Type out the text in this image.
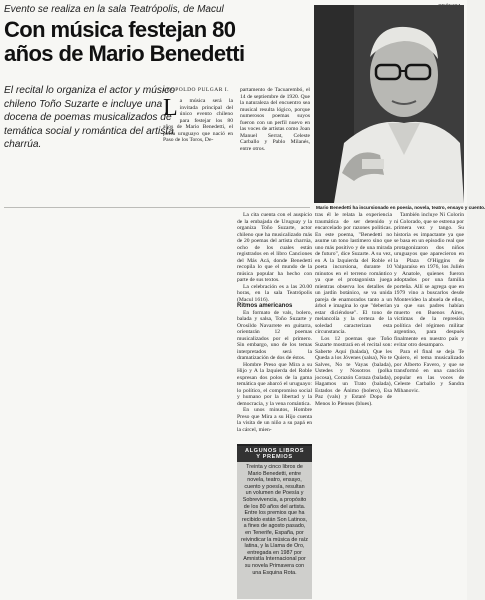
Evento se realiza en la sala Teatrópolis, de Macul
Con música festejan 80
años de Mario Benedetti
Mario Benedetti ha incursionado en poesía, novela, teatro, ensayo y cuento.
El recital lo organiza el actor y músico
chileno Toño Suzarte e incluye una
docena de poemas musicalizados de
temática social y romántica del artista
charrúa.
LEOPOLDO PULGAR I.
L a música será la invitada principal del único evento chileno para festejar los 80 años de Mario Benedetti, el poeta uruguayo que nació en Paso de los Toros, De-

partamento de Tacuarembó, el 14 de septiembre de 1920. Que la naturaleza del encuentro sea musical resulta lógico, porque numerosos poemas suyos fueron con un perfil nuevo en las voces de artistas como Joan Manuel Serrat, Celeste Carballo y Pablo Milanés, entre otros.

La cita cuenta con el auspicio de la embajada de Uruguay y la organiza Toño Suzarte, actor chileno que ha musicalizado más de 20 poemas del artista charrúa, ocho de los cuales están registrados en el libro Canciones del Más Acá, donde Benedetti recopila lo que el mundo de la música popular ha hecho con parte de sus textos.

La celebración es a las 20.00 horas, en la sala Teatrópolis (Macul 1616).

Ritmos americanos

En formato de vals, bolero, balada y salsa, Toño Suzarte y Orosildo Navarrete en guitarra, orientarán 12 poemas musicalizados por el primero. Sin embargo, uno de los temas interpretados será la dramatización de dos de éstos.

Hombre Preso que Mira a su Hijo y A la Izquierda del Roble expresan dos polos de la gama temática que abarcó el uruguayo: lo político, el compromiso social y humano por la libertad y la democracia, y la vena romántica.

En unos minutos, Hombre Preso que Mira a su Hijo cuenta la visita de un niño a su papá en la cárcel, mien-

ALGUNOS LIBROS
Y PREMIOS
Treinta y cinco libros de Mario Benedetti, entre novela, teatro, ensayo, cuento y poesía, resultan un volumen de Poesía y Sobrevivencia, a propósito de los 80 años del artista. Entre los premios que ha recibido están Son Latinos, a fines de agosto pasado, en Tenerife, España, por reivindicar la música de raíz latina, y la Llama de Oro, entregada en 1987 por Amnistía Internacional por su novela Primavera con una Esquina Rota.

tras él le relata la experiencia traumática de ser detenido y encarcelado por razones políticas. En este poema, "Benedetti no asume un tono lastimero sino que uno más positivo y de una mirada de futuro", dice Suzarte. A su vez, en A la Izquierda del Roble el poeta incursiona, durante 10 minutos en el terreno romántico ya que el protagonista juega mientras observa los detalles de un jardín botánico, se va unida pareja de enamorados tanto a un árbol e imagina lo que "deberían estar diciéndose". El tono de melancolía y la certeza de la soledad caracterizan esta circunstancia.

Los 12 poemas que Toño Suzarte mostrará en el recital son: Saberte Aquí (balada), Que les Queda a los Jóvenes (salsa), No te Salves, No te Vayas (balada), Ustedes y Nosotros (polka jocosa), Corazón Coraza (balada), Hagamos un Trato (balada), Estados de Ánimo (bolero), Esa Paz (vals) y Estaré Dopo de Menos lo Pienses (blues).

También incluye Ni Colorín ni Colorado, que se estrena por primera vez y tango. Su historia es impactante ya que se basa en un episodio real que protagonizaron dos niños uruguayos que aparecieron en la Plaza O'Higgins de Valparaíso en 1976, los Julién y Anatole, quienes fueron adoptados por una familia porteña. Allí se agrega que en 1979 vino a buscarlos desde Montevideo la abuela de ellos, ya que sus padres habían muerto en Buenos Aires, víctimas de la represión política del régimen militar argentino, para después finalmente en nuestro país y evitar otro desamparo.

Para el final se deja Te Quiero, el tema musicalizado por Alberto Favero, y que se transformó en una canción popular en las voces de Celeste Carballo y Sandra Mihanovic.
